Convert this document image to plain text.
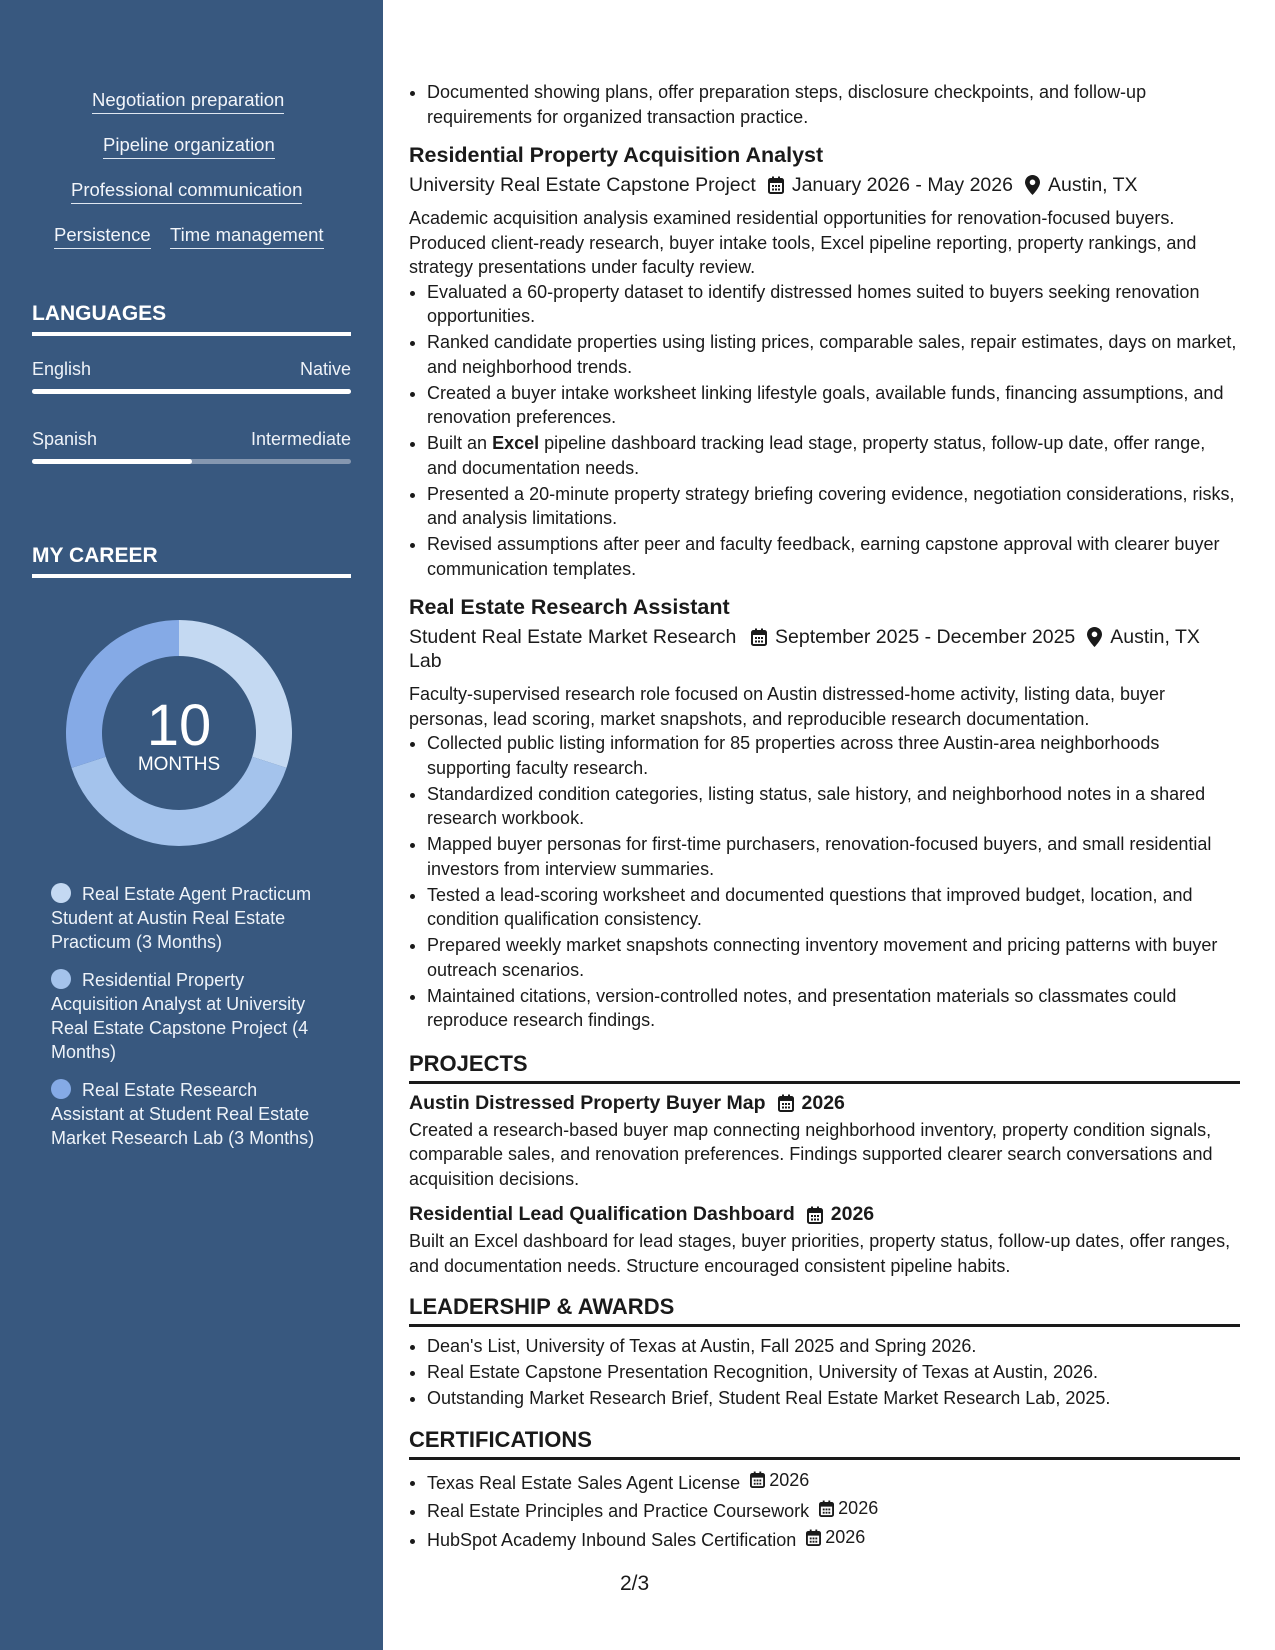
Negotiation preparation
Pipeline organization
Professional communication
Persistence Time management
LANGUAGES
English	Native
Spanish	Intermediate
MY CAREER
10
MONTHS
Real Estate Agent Practicum Student at Austin Real Estate Practicum (3 Months)
Residential Property Acquisition Analyst at University Real Estate Capstone Project (4 Months)
Real Estate Research Assistant at Student Real Estate Market Research Lab (3 Months)
• Documented showing plans, offer preparation steps, disclosure checkpoints, and follow-up requirements for organized transaction practice.
Residential Property Acquisition Analyst
University Real Estate Capstone Project January 2026 - May 2026 Austin, TX

Academic acquisition analysis examined residential opportunities for renovation-focused buyers. Produced client-ready research, buyer intake tools, Excel pipeline reporting, property rankings, and strategy presentations under faculty review.

• Evaluated a 60-property dataset to identify distressed homes suited to buyers seeking renovation opportunities.
• Ranked candidate properties using listing prices, comparable sales, repair estimates, days on market, and neighborhood trends.
• Created a buyer intake worksheet linking lifestyle goals, available funds, financing assumptions, and renovation preferences.
• Built an Excel pipeline dashboard tracking lead stage, property status, follow-up date, offer range, and documentation needs.
• Presented a 20-minute property strategy briefing covering evidence, negotiation considerations, risks, and analysis limitations.
• Revised assumptions after peer and faculty feedback, earning capstone approval with clearer buyer communication templates.
Real Estate Research Assistant
Student Real Estate Market Research Lab
September 2025 - December 2025 Austin, TX

Faculty-supervised research role focused on Austin distressed-home activity, listing data, buyer personas, lead scoring, market snapshots, and reproducible research documentation.

• Collected public listing information for 85 properties across three Austin-area neighborhoods supporting faculty research.
• Standardized condition categories, listing status, sale history, and neighborhood notes in a shared research workbook.
• Mapped buyer personas for first-time purchasers, renovation-focused buyers, and small residential investors from interview summaries.
• Tested a lead-scoring worksheet and documented questions that improved budget, location, and condition qualification consistency.
• Prepared weekly market snapshots connecting inventory movement and pricing patterns with buyer outreach scenarios.
• Maintained citations, version-controlled notes, and presentation materials so classmates could reproduce research findings.
PROJECTS
Austin Distressed Property Buyer Map 2026

Created a research-based buyer map connecting neighborhood inventory, property condition signals, comparable sales, and renovation preferences. Findings supported clearer search conversations and acquisition decisions.

Residential Lead Qualification Dashboard 2026

Built an Excel dashboard for lead stages, buyer priorities, property status, follow-up dates, offer ranges, and documentation needs. Structure encouraged consistent pipeline habits.

LEADERSHIP & AWARDS
• Dean's List, University of Texas at Austin, Fall 2025 and Spring 2026.
• Real Estate Capstone Presentation Recognition, University of Texas at Austin, 2026.
• Outstanding Market Research Brief, Student Real Estate Market Research Lab, 2025.
CERTIFICATIONS
• Texas Real Estate Sales Agent License 2026
• Real Estate Principles and Practice Coursework 2026
• HubSpot Academy Inbound Sales Certification 2026
2/3
